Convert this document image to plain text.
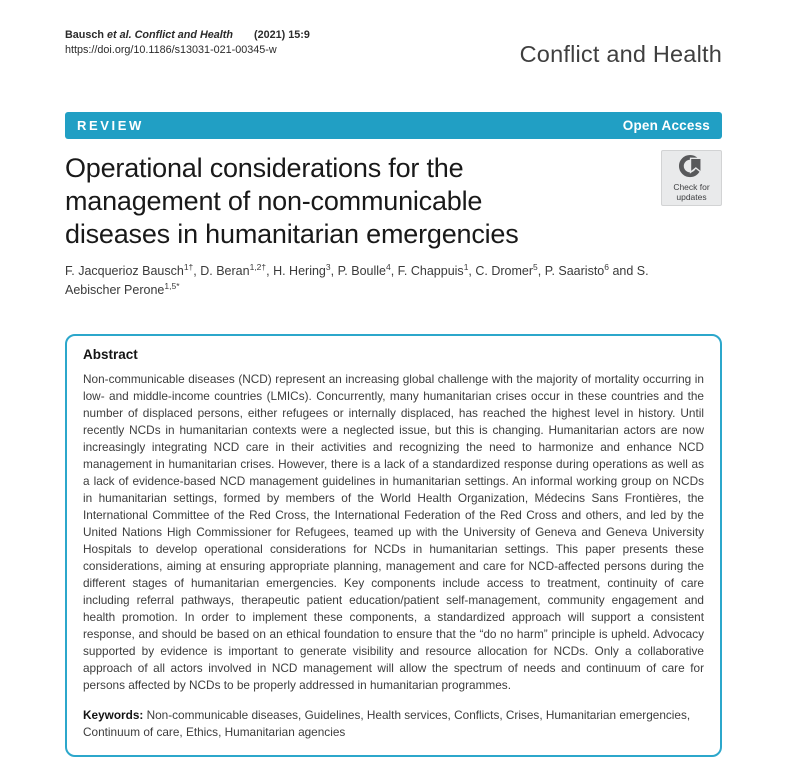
Bausch et al. Conflict and Health (2021) 15:9
https://doi.org/10.1186/s13031-021-00345-w	Conflict and Health
REVIEW	Open Access
Operational considerations for the
management of non-communicable
diseases in humanitarian emergencies
Check for
updates
F. Jacquerioz Bausch$^{1\dagger}$, D. Beran$^{1,2\dagger}$, H. Hering$^3$, P. Boulle$^4$, F. Chappuis$^1$, C. Dromer$^5$, P. Saaristo$^6$ and S. Aebischer Perone$^{1,5*}$
Abstract

Non-communicable diseases (NCD) represent an increasing global challenge with the majority of mortality occurring in low- and middle-income countries (LMICs). Concurrently, many humanitarian crises occur in these countries and the number of displaced persons, either refugees or internally displaced, has reached the highest level in history. Until recently NCDs in humanitarian contexts were a neglected issue, but this is changing. Humanitarian actors are now increasingly integrating NCD care in their activities and recognizing the need to harmonize and enhance NCD management in humanitarian crises. However, there is a lack of a standardized response during operations as well as a lack of evidence-based NCD management guidelines in humanitarian settings. An informal working group on NCDs in humanitarian settings, formed by members of the World Health Organization, Médecins Sans Frontières, the International Committee of the Red Cross, the International Federation of the Red Cross and others, and led by the United Nations High Commissioner for Refugees, teamed up with the University of Geneva and Geneva University Hospitals to develop operational considerations for NCDs in humanitarian settings. This paper presents these considerations, aiming at ensuring appropriate planning, management and care for NCD-affected persons during the different stages of humanitarian emergencies. Key components include access to treatment, continuity of care including referral pathways, therapeutic patient education/patient self-management, community engagement and health promotion. In order to implement these components, a standardized approach will support a consistent response, and should be based on an ethical foundation to ensure that the “do no harm” principle is upheld. Advocacy supported by evidence is important to generate visibility and resource allocation for NCDs. Only a collaborative approach of all actors involved in NCD management will allow the spectrum of needs and continuum of care for persons affected by NCDs to be properly addressed in humanitarian programmes.

Keywords: Non-communicable diseases, Guidelines, Health services, Conflicts, Crises, Humanitarian emergencies, Continuum of care, Ethics, Humanitarian agencies
